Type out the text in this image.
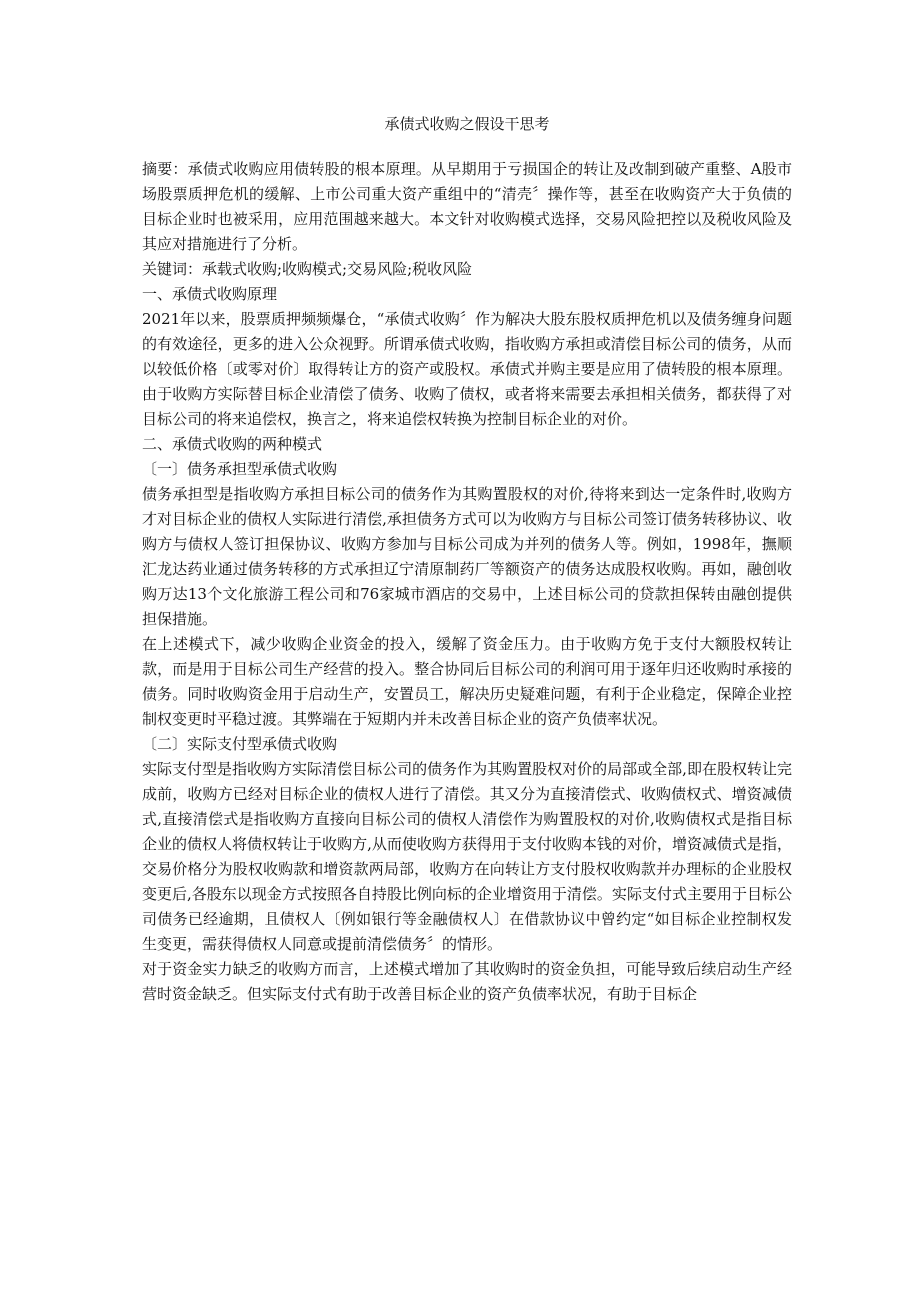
承债式收购之假设干思考

摘要：承债式收购应用债转股的根本原理。从早期用于亏损国企的转让及改制到破产重整、A股市场股票质押危机的缓解、上市公司重大资产重组中的“清壳〞操作等，甚至在收购资产大于负债的目标企业时也被采用，应用范围越来越大。本文针对收购模式选择，交易风险把控以及税收风险及其应对措施进行了分析。

关键词：承载式收购;收购模式;交易风险;税收风险

一、承债式收购原理

2021年以来，股票质押频频爆仓，“承债式收购〞作为解决大股东股权质押危机以及债务缠身问题的有效途径，更多的进入公众视野。所谓承债式收购，指收购方承担或清偿目标公司的债务，从而以较低价格〔或零对价〕取得转让方的资产或股权。承债式并购主要是应用了债转股的根本原理。由于收购方实际替目标企业清偿了债务、收购了债权，或者将来需要去承担相关债务，都获得了对目标公司的将来追偿权，换言之，将来追偿权转换为控制目标企业的对价。

二、承债式收购的两种模式

〔一〕债务承担型承债式收购

债务承担型是指收购方承担目标公司的债务作为其购置股权的对价,待将来到达一定条件时,收购方才对目标企业的债权人实际进行清偿,承担债务方式可以为收购方与目标公司签订债务转移协议、收购方与债权人签订担保协议、收购方参加与目标公司成为并列的债务人等。例如，1998年，撫顺汇龙达药业通过债务转移的方式承担辽宁清原制药厂等额资产的债务达成股权收购。再如，融创收购万达13个文化旅游工程公司和76家城市酒店的交易中，上述目标公司的贷款担保转由融创提供担保措施。

在上述模式下，减少收购企业资金的投入，缓解了资金压力。由于收购方免于支付大额股权转让款，而是用于目标公司生产经营的投入。整合协同后目标公司的利润可用于逐年归还收购时承接的债务。同时收购资金用于启动生产，安置员工，解决历史疑难问题，有利于企业稳定，保障企业控制权变更时平稳过渡。其弊端在于短期内并未改善目标企业的资产负债率状况。

〔二〕实际支付型承债式收购

实际支付型是指收购方实际清偿目标公司的债务作为其购置股权对价的局部或全部,即在股权转让完成前，收购方已经对目标企业的债权人进行了清偿。其又分为直接清偿式、收购债权式、增资减债式,直接清偿式是指收购方直接向目标公司的债权人清偿作为购置股权的对价,收购债权式是指目标企业的债权人将债权转让于收购方,从而使收购方获得用于支付收购本钱的对价，增资减债式是指，交易价格分为股权收购款和增资款两局部，收购方在向转让方支付股权收购款并办理标的企业股权变更后,各股东以现金方式按照各自持股比例向标的企业增资用于清偿。实际支付式主要用于目标公司债务已经逾期，且债权人〔例如银行等金融债权人〕在借款协议中曾约定“如目标企业控制权发生变更，需获得债权人同意或提前清偿债务〞的情形。

对于资金实力缺乏的收购方而言，上述模式增加了其收购时的资金负担，可能导致后续启动生产经营时资金缺乏。但实际支付式有助于改善目标企业的资产负债率状况，有助于目标企
